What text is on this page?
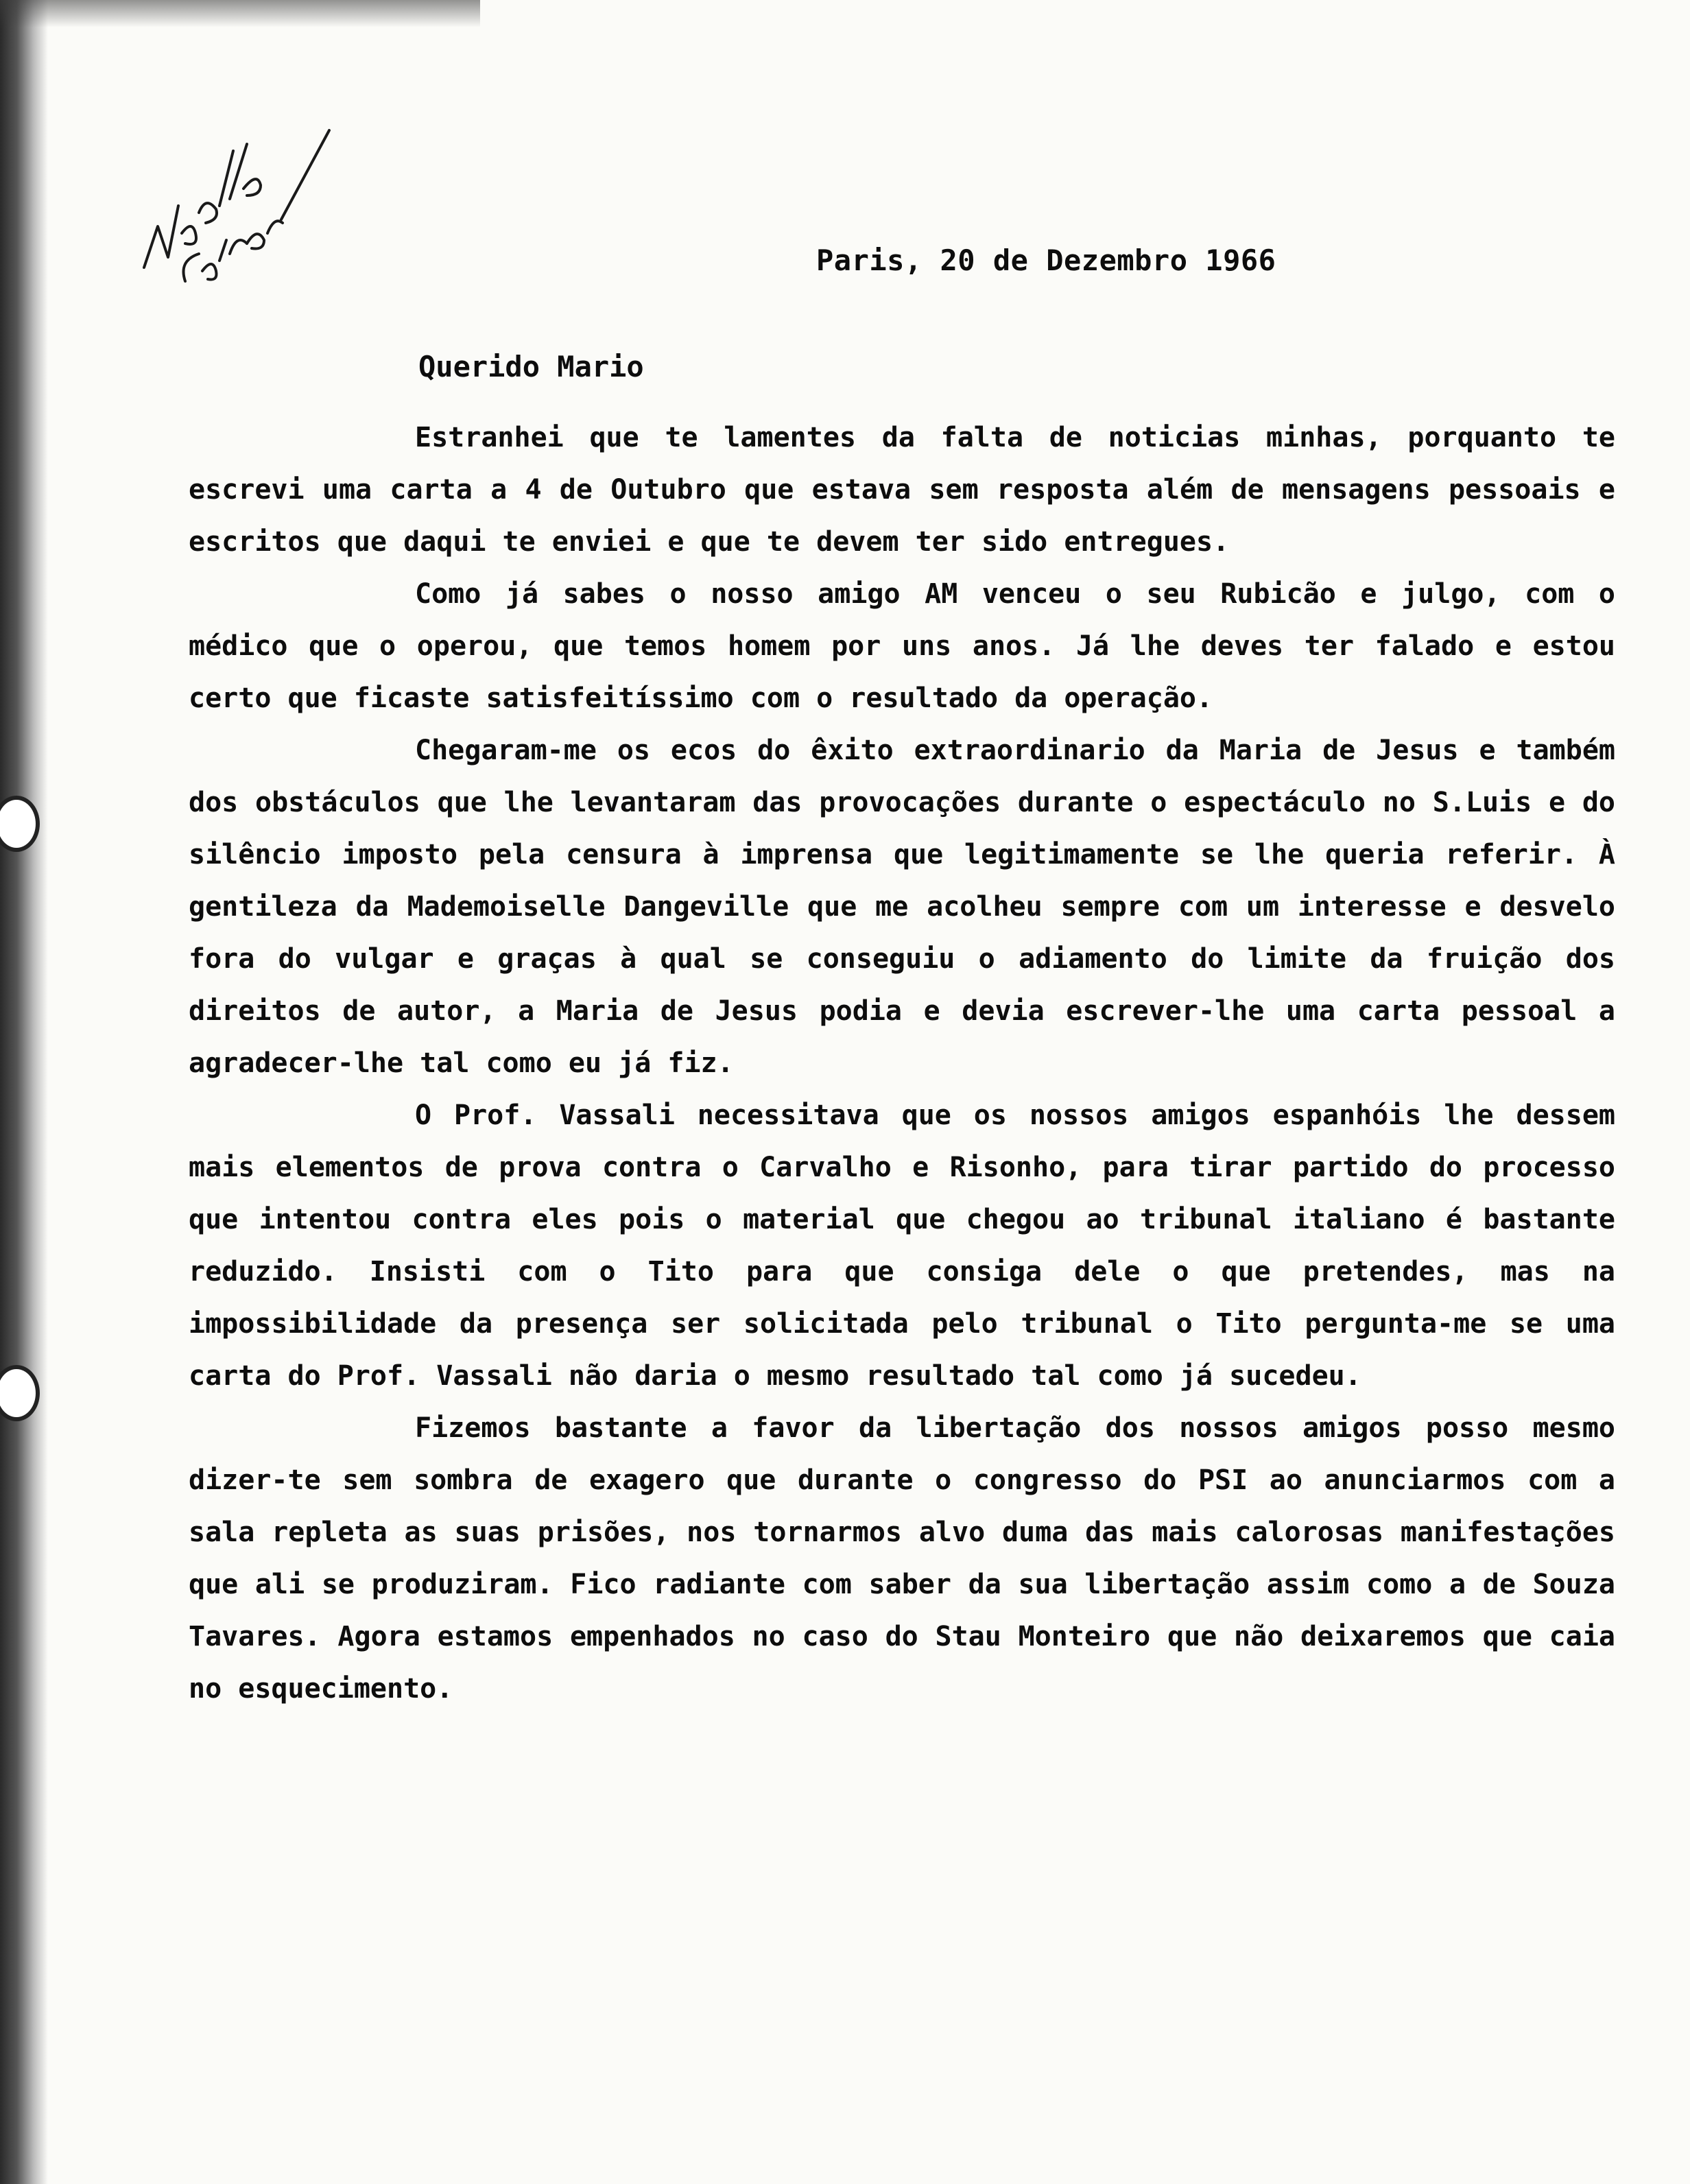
Paris, 20 de Dezembro 1966
Querido Mario

Estranhei que te lamentes da falta de noticias minhas, porquanto te escrevi uma carta a 4 de Outubro que estava sem resposta além de mensagens pessoais e escritos que daqui te enviei e que te devem ter sido entregues.

Como já sabes o nosso amigo AM venceu o seu Rubicão e julgo, com o médico que o operou, que temos homem por uns anos. Já lhe deves ter falado e estou certo que ficaste satisfeitíssimo com o resultado da operação.

Chegaram-me os ecos do êxito extraordinario da Maria de Jesus e também dos obstáculos que lhe levantaram das provocações durante o espectáculo no S.Luis e do silêncio imposto pela censura à imprensa que legitimamente se lhe queria referir. À gentileza da Mademoiselle Dangeville que me acolheu sempre com um interesse e desvelo fora do vulgar e graças à qual se conseguiu o adiamento do limite da fruição dos direitos de autor, a Maria de Jesus podia e devia escrever-lhe uma carta pessoal a agradecer-lhe tal como eu já fiz.

O Prof. Vassali necessitava que os nossos amigos espanhóis lhe dessem mais elementos de prova contra o Carvalho e Risonho, para tirar partido do processo que intentou contra eles pois o material que chegou ao tribunal italiano é bastante reduzido. Insisti com o Tito para que consiga dele o que pretendes, mas na impossibilidade da presença ser solicitada pelo tribunal o Tito pergunta-me se uma carta do Prof. Vassali não daria o mesmo resultado tal como já sucedeu.

Fizemos bastante a favor da libertação dos nossos amigos posso mesmo dizer-te sem sombra de exagero que durante o congresso do PSI ao anunciarmos com a sala repleta as suas prisões, nos tornarmos alvo duma das mais calorosas manifestações que ali se produziram. Fico radiante com saber da sua libertação assim como a de Souza Tavares. Agora estamos empenhados no caso do Stau Monteiro que não deixaremos que caia no esquecimento.
